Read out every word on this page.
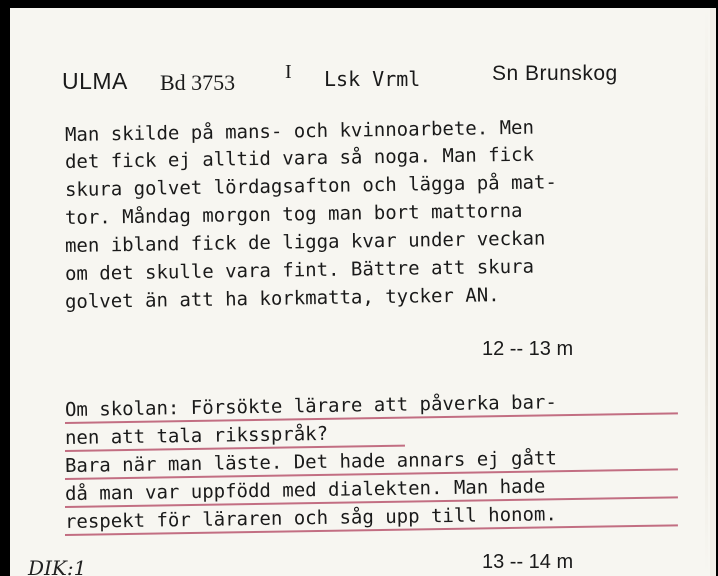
ULMA Bd 3753 I Lsk Vrml	Sn Brunskog
Man skilde på mans- och kvinnoarbete. Men
det fick ej alltid vara så noga. Man fick
skura golvet lördagsafton och lägga på mat-
tor. Måndag morgon tog man bort mattorna
men ibland fick de ligga kvar under veckan
om det skulle vara fint. Bättre att skura
golvet än att ha korkmatta, tycker AN.
12 -- 13 m
Om skolan: Försökte lärare att påverka bar-
nen att tala riksspråk?
Bara när man läste. Det hade annars ej gått
då man var uppfödd med dialekten. Man hade
respekt för läraren och såg upp till honom.
13 -- 14 m
DIK:1
